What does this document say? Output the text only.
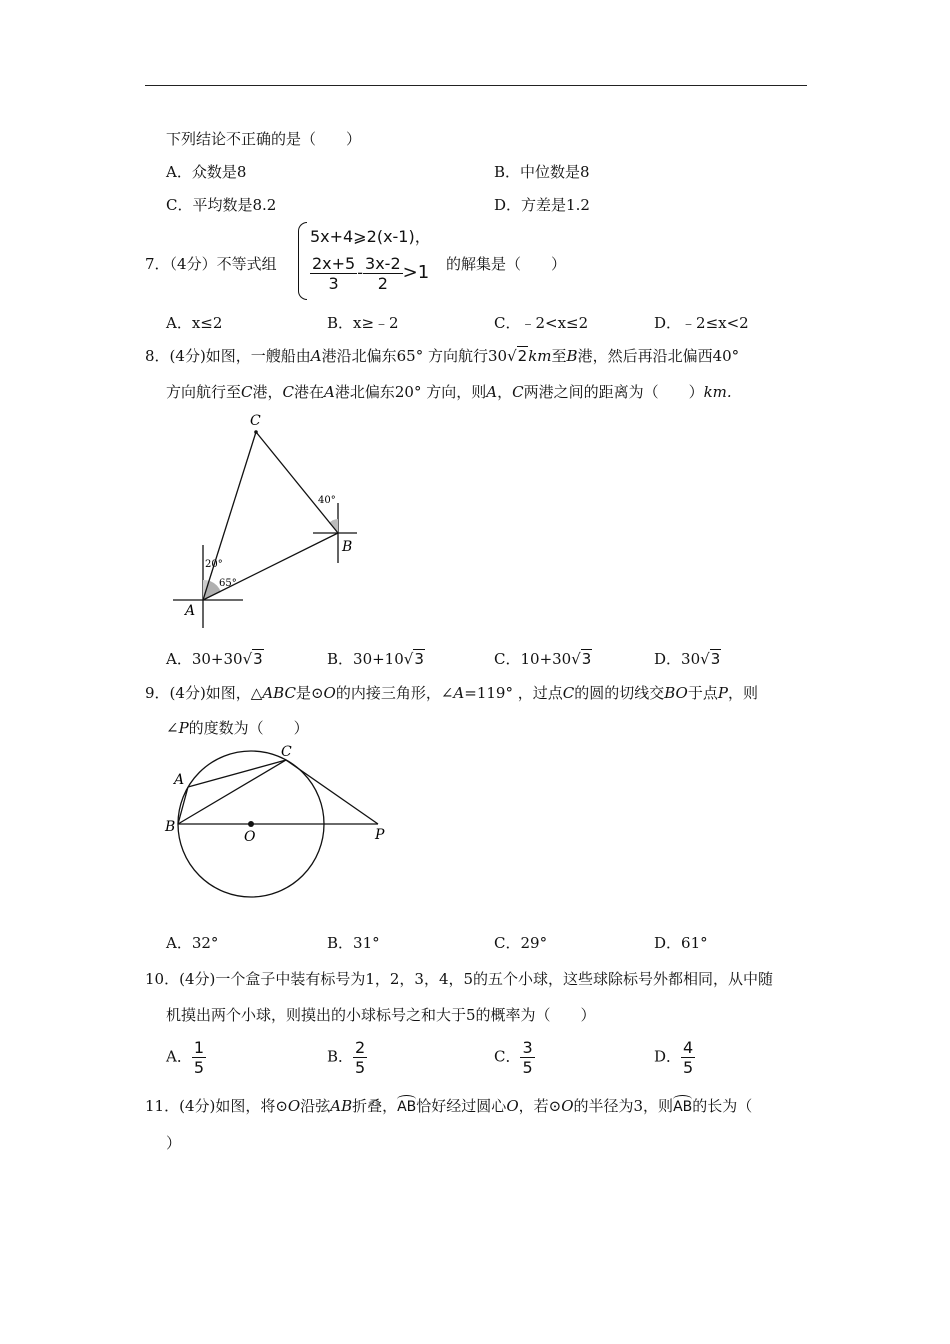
下列结论不正确的是（　　）
A．众数是8	B．中位数是8
C．平均数是8.2	D．方差是1.2
7．（4分）不等式组
5x+4⩾2(x-1)，
$\frac{2x+5}{3} - \frac{3x-2}{2} >1$ 的解集是（　　）
A．x≤2	B．x≥﹣2	C．﹣2<x≤2	D．﹣2≤x<2
8．(4分)如图，一艘船由A港沿北偏东65° 方向航行30√2km至B港，然后再沿北偏西40°
方向航行至C港，C港在A港北偏东20° 方向，则A，C两港之间的距离为（　　）km.
C
B
A
20°
65°
40°
A．30+30√3	B．30+10√3	C．10+30√3	D．30√3
9．(4分)如图，△ABC是⊙O的内接三角形，∠A=119° ，过点C的圆的切线交BO于点P，则
∠P的度数为（　　）
A
B
C
O	P
A．32°	B．31°	C．29°	D．61°
10．(4分)一个盒子中装有标号为1，2，3，4，5的五个小球，这些球除标号外都相同，从中随
机摸出两个小球，则摸出的小球标号之和大于5的概率为（　　）
A． $\frac{1}{5}$	B． $\frac{2}{5}$	C． $\frac{3}{5}$	D． $\frac{4}{5}$
11．(4分)如图，将⊙O沿弦AB折叠，AB恰好经过圆心O，若⊙O的半径为3，则AB的长为（
）
